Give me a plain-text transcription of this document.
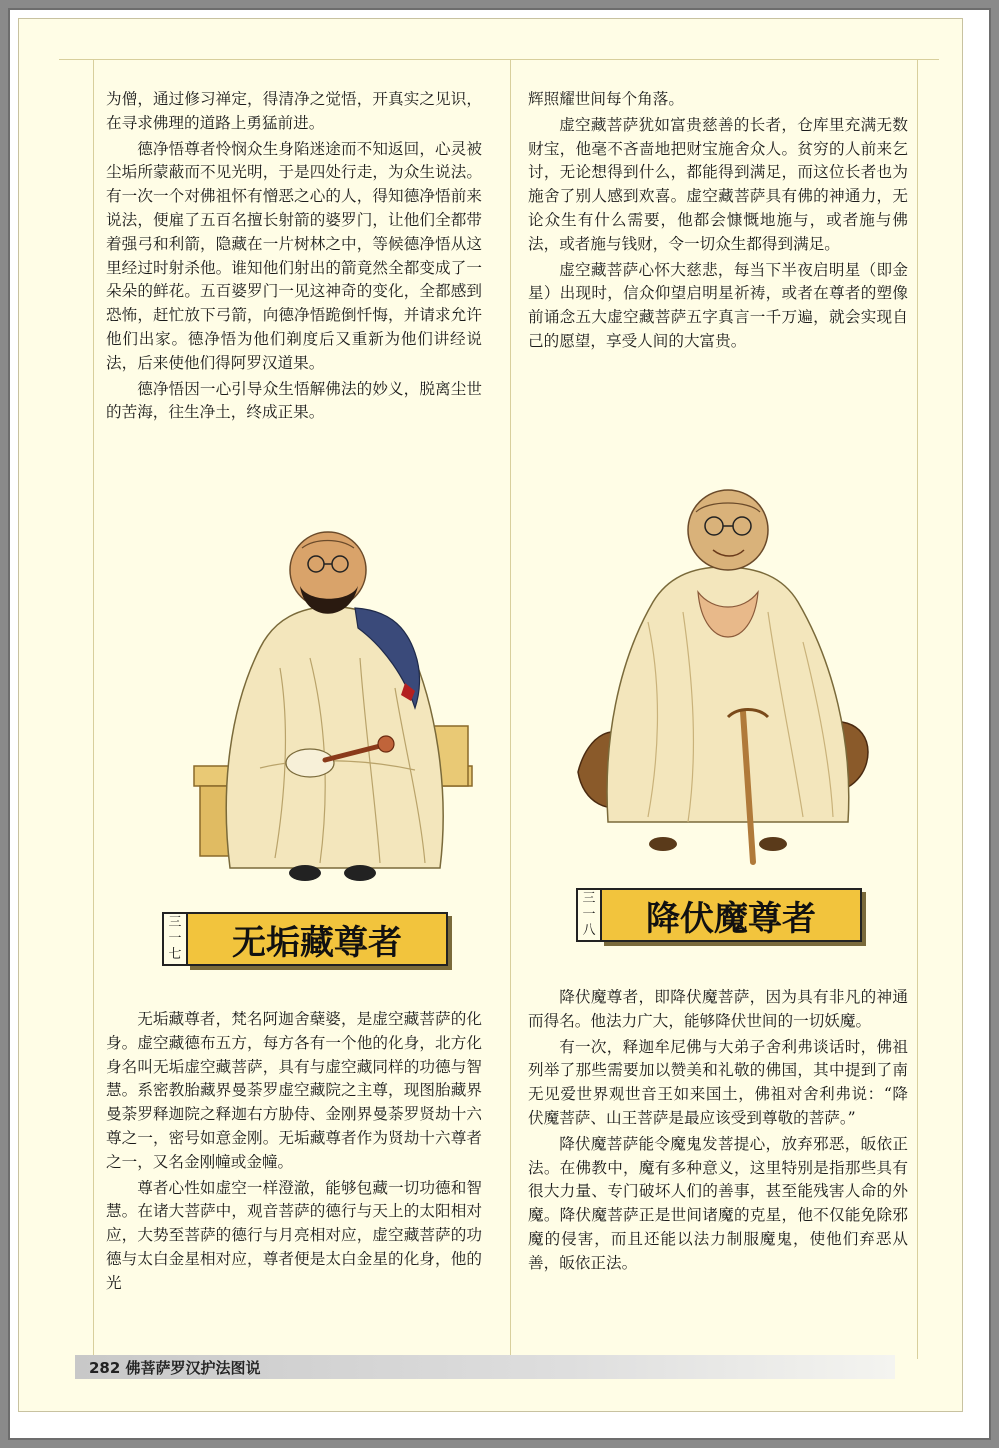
为僧，通过修习禅定，得清净之觉悟，开真实之见识，在寻求佛理的道路上勇猛前进。

德净悟尊者怜悯众生身陷迷途而不知返回，心灵被尘垢所蒙蔽而不见光明，于是四处行走，为众生说法。有一次一个对佛祖怀有憎恶之心的人，得知德净悟前来说法，便雇了五百名擅长射箭的婆罗门，让他们全都带着强弓和利箭，隐藏在一片树林之中，等候德净悟从这里经过时射杀他。谁知他们射出的箭竟然全都变成了一朵朵的鲜花。五百婆罗门一见这神奇的变化，全都感到恐怖，赶忙放下弓箭，向德净悟跪倒忏悔，并请求允许他们出家。德净悟为他们剃度后又重新为他们讲经说法，后来使他们得阿罗汉道果。

德净悟因一心引导众生悟解佛法的妙义，脱离尘世的苦海，往生净土，终成正果。

三
一
七 无垢藏尊者

无垢藏尊者，梵名阿迦舍蘖婆，是虚空藏菩萨的化身。虚空藏德布五方，每方各有一个他的化身，北方化身名叫无垢虚空藏菩萨，具有与虚空藏同样的功德与智慧。系密教胎藏界曼荼罗虚空藏院之主尊，现图胎藏界曼荼罗释迦院之释迦右方胁侍、金刚界曼荼罗贤劫十六尊之一，密号如意金刚。无垢藏尊者作为贤劫十六尊者之一，又名金刚幢或金幢。

尊者心性如虚空一样澄澈，能够包藏一切功德和智慧。在诸大菩萨中，观音菩萨的德行与天上的太阳相对应，大势至菩萨的德行与月亮相对应，虚空藏菩萨的功德与太白金星相对应，尊者便是太白金星的化身，他的光

辉照耀世间每个角落。

虚空藏菩萨犹如富贵慈善的长者，仓库里充满无数财宝，他毫不吝啬地把财宝施舍众人。贫穷的人前来乞讨，无论想得到什么，都能得到满足，而这位长者也为施舍了别人感到欢喜。虚空藏菩萨具有佛的神通力，无论众生有什么需要，他都会慷慨地施与，或者施与佛法，或者施与钱财，令一切众生都得到满足。

虚空藏菩萨心怀大慈悲，每当下半夜启明星（即金星）出现时，信众仰望启明星祈祷，或者在尊者的塑像前诵念五大虚空藏菩萨五字真言一千万遍，就会实现自己的愿望，享受人间的大富贵。

三
一
八 降伏魔尊者

降伏魔尊者，即降伏魔菩萨，因为具有非凡的神通而得名。他法力广大，能够降伏世间的一切妖魔。

有一次，释迦牟尼佛与大弟子舍利弗谈话时，佛祖列举了那些需要加以赞美和礼敬的佛国，其中提到了南无见爱世界观世音王如来国土，佛祖对舍利弗说：“降伏魔菩萨、山王菩萨是最应该受到尊敬的菩萨。”

降伏魔菩萨能令魔鬼发菩提心，放弃邪恶，皈依正法。在佛教中，魔有多种意义，这里特别是指那些具有很大力量、专门破坏人们的善事，甚至能残害人命的外魔。降伏魔菩萨正是世间诸魔的克星，他不仅能免除邪魔的侵害，而且还能以法力制服魔鬼，使他们弃恶从善，皈依正法。

282 佛菩萨罗汉护法图说
